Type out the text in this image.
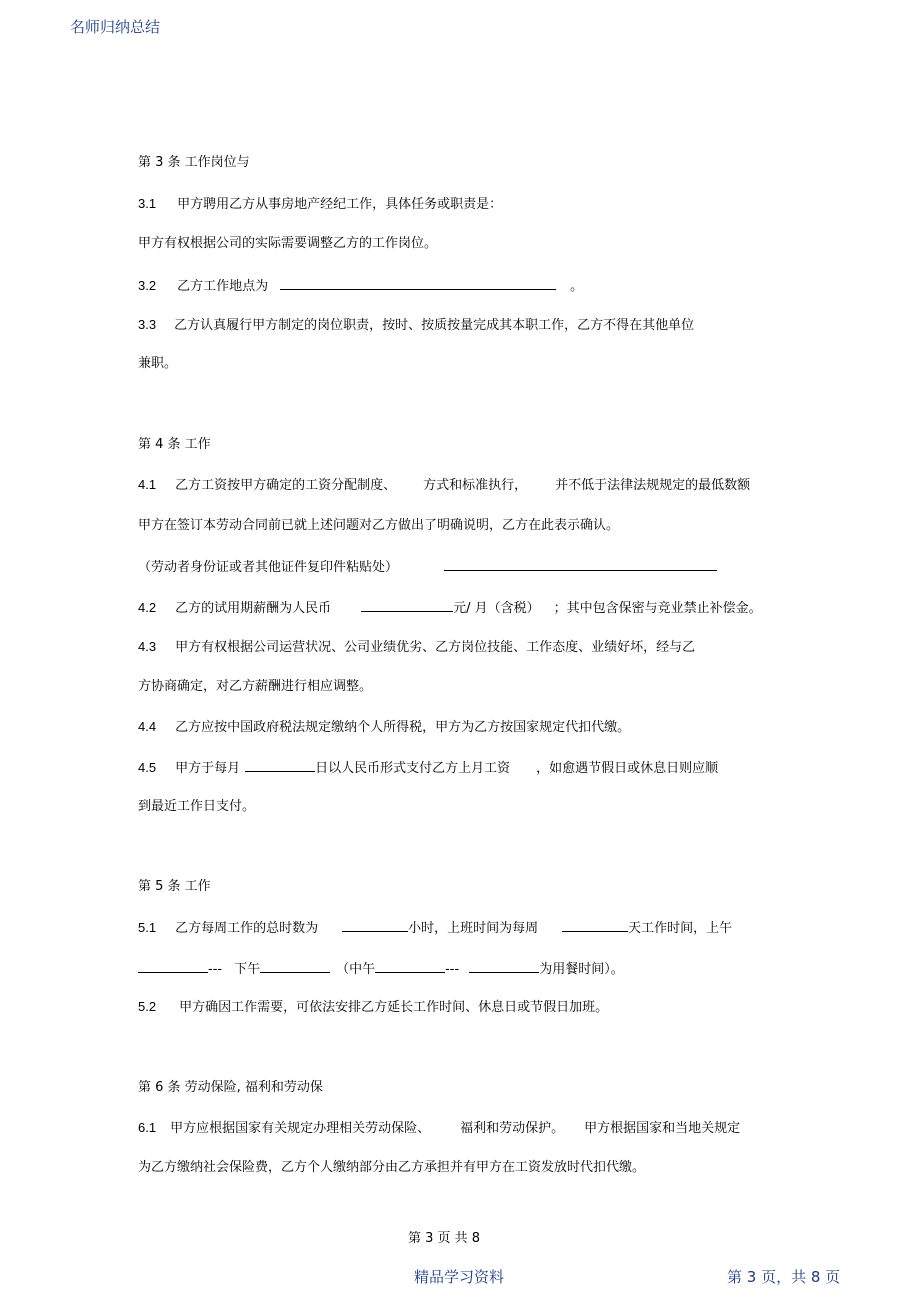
名师归纳总结
第 3 条 工作岗位与
3.1 甲方聘用乙方从事房地产经纪工作，具体任务或职责是：
甲方有权根据公司的实际需要调整乙方的工作岗位。
3.2 乙方工作地点为	。
3.3 乙方认真履行甲方制定的岗位职责，按时、按质按量完成其本职工作，乙方不得在其他单位
兼职。
第 4 条 工作
4.1 乙方工资按甲方确定的工资分配制度、 方式和标准执行， 并不低于法律法规规定的最低数额
甲方在签订本劳动合同前已就上述问题对乙方做出了明确说明，乙方在此表示确认。
（劳动者身份证或者其他证件复印件粘贴处）
4.2 乙方的试用期薪酬为人民币	元/ 月（含税） ；其中包含保密与竞业禁止补偿金。
4.3 甲方有权根据公司运营状况、公司业绩优劣、乙方岗位技能、工作态度、业绩好坏，经与乙
方协商确定，对乙方薪酬进行相应调整。
4.4 乙方应按中国政府税法规定缴纳个人所得税，甲方为乙方按国家规定代扣代缴。
4.5 甲方于每月	日以人民币形式支付乙方上月工资 ，如愈遇节假日或休息日则应顺
到最近工作日支付。
第 5 条 工作
5.1 乙方每周工作的总时数为	小时，上班时间为每周	天工作时间，上午
--- 下午	（中午	---	为用餐时间）。
5.2 甲方确因工作需要，可依法安排乙方延长工作时间、休息日或节假日加班。
第 6 条 劳动保险, 福利和劳动保
6.1 甲方应根据国家有关规定办理相关劳动保险、 福利和劳动保护。 甲方根据国家和当地关规定
为乙方缴纳社会保险费，乙方个人缴纳部分由乙方承担并有甲方在工资发放时代扣代缴。
第 3 页 共 8
精品学习资料	第 3 页，共 8 页
